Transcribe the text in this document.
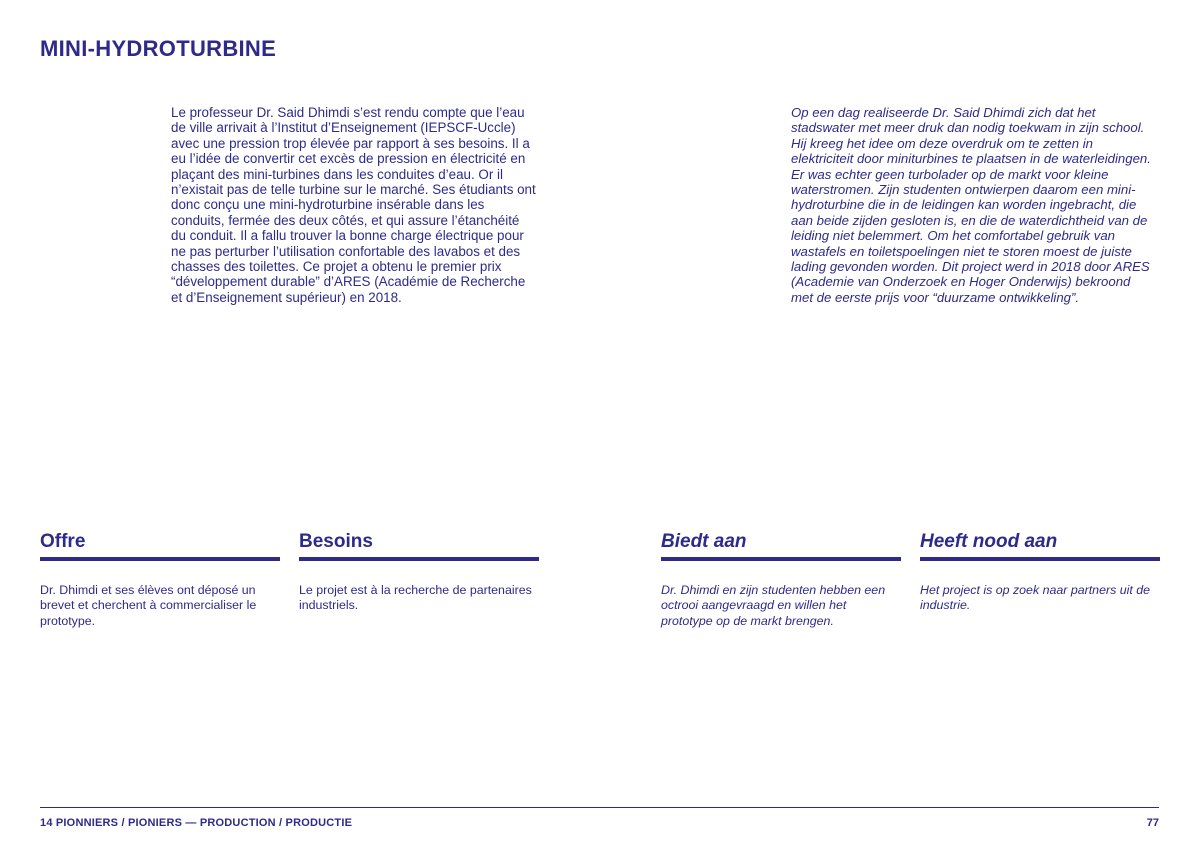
MINI-HYDROTURBINE
Le professeur Dr. Said Dhimdi s’est rendu compte que l’eau de ville arrivait à l’Institut d’Enseignement (IEPSCF-Uccle) avec une pression trop élevée par rapport à ses besoins. Il a eu l’idée de convertir cet excès de pression en électricité en plaçant des mini-turbines dans les conduites d’eau. Or il n’existait pas de telle turbine sur le marché. Ses étudiants ont donc conçu une mini-hydroturbine insérable dans les conduits, fermée des deux côtés, et qui assure l’étanchéité du conduit. Il a fallu trouver la bonne charge électrique pour ne pas perturber l’utilisation confortable des lavabos et des chasses des toilettes. Ce projet a obtenu le premier prix “développement durable” d’ARES (Académie de Recherche et d’Enseignement supérieur) en 2018.
Op een dag realiseerde Dr. Said Dhimdi zich dat het stadswater met meer druk dan nodig toekwam in zijn school. Hij kreeg het idee om deze overdruk om te zetten in elektriciteit door miniturbines te plaatsen in de waterleidingen. Er was echter geen turbolader op de markt voor kleine waterstromen. Zijn studenten ontwierpen daarom een mini-hydroturbine die in de leidingen kan worden ingebracht, die aan beide zijden gesloten is, en die de waterdichtheid van de leiding niet belemmert. Om het comfortabel gebruik van wastafels en toiletspoelingen niet te storen moest de juiste lading gevonden worden. Dit project werd in 2018 door ARES (Academie van Onderzoek en Hoger Onderwijs) bekroond met de eerste prijs voor “duurzame ontwikkeling”.
Offre
Dr. Dhimdi et ses élèves ont déposé un brevet et cherchent à commercialiser le prototype.
Besoins
Le projet est à la recherche de partenaires industriels.
Biedt aan
Dr. Dhimdi en zijn studenten hebben een octrooi aangevraagd en willen het prototype op de markt brengen.
Heeft nood aan
Het project is op zoek naar partners uit de industrie.
14 PIONNIERS / PIONIERS — PRODUCTION / PRODUCTIE	77
